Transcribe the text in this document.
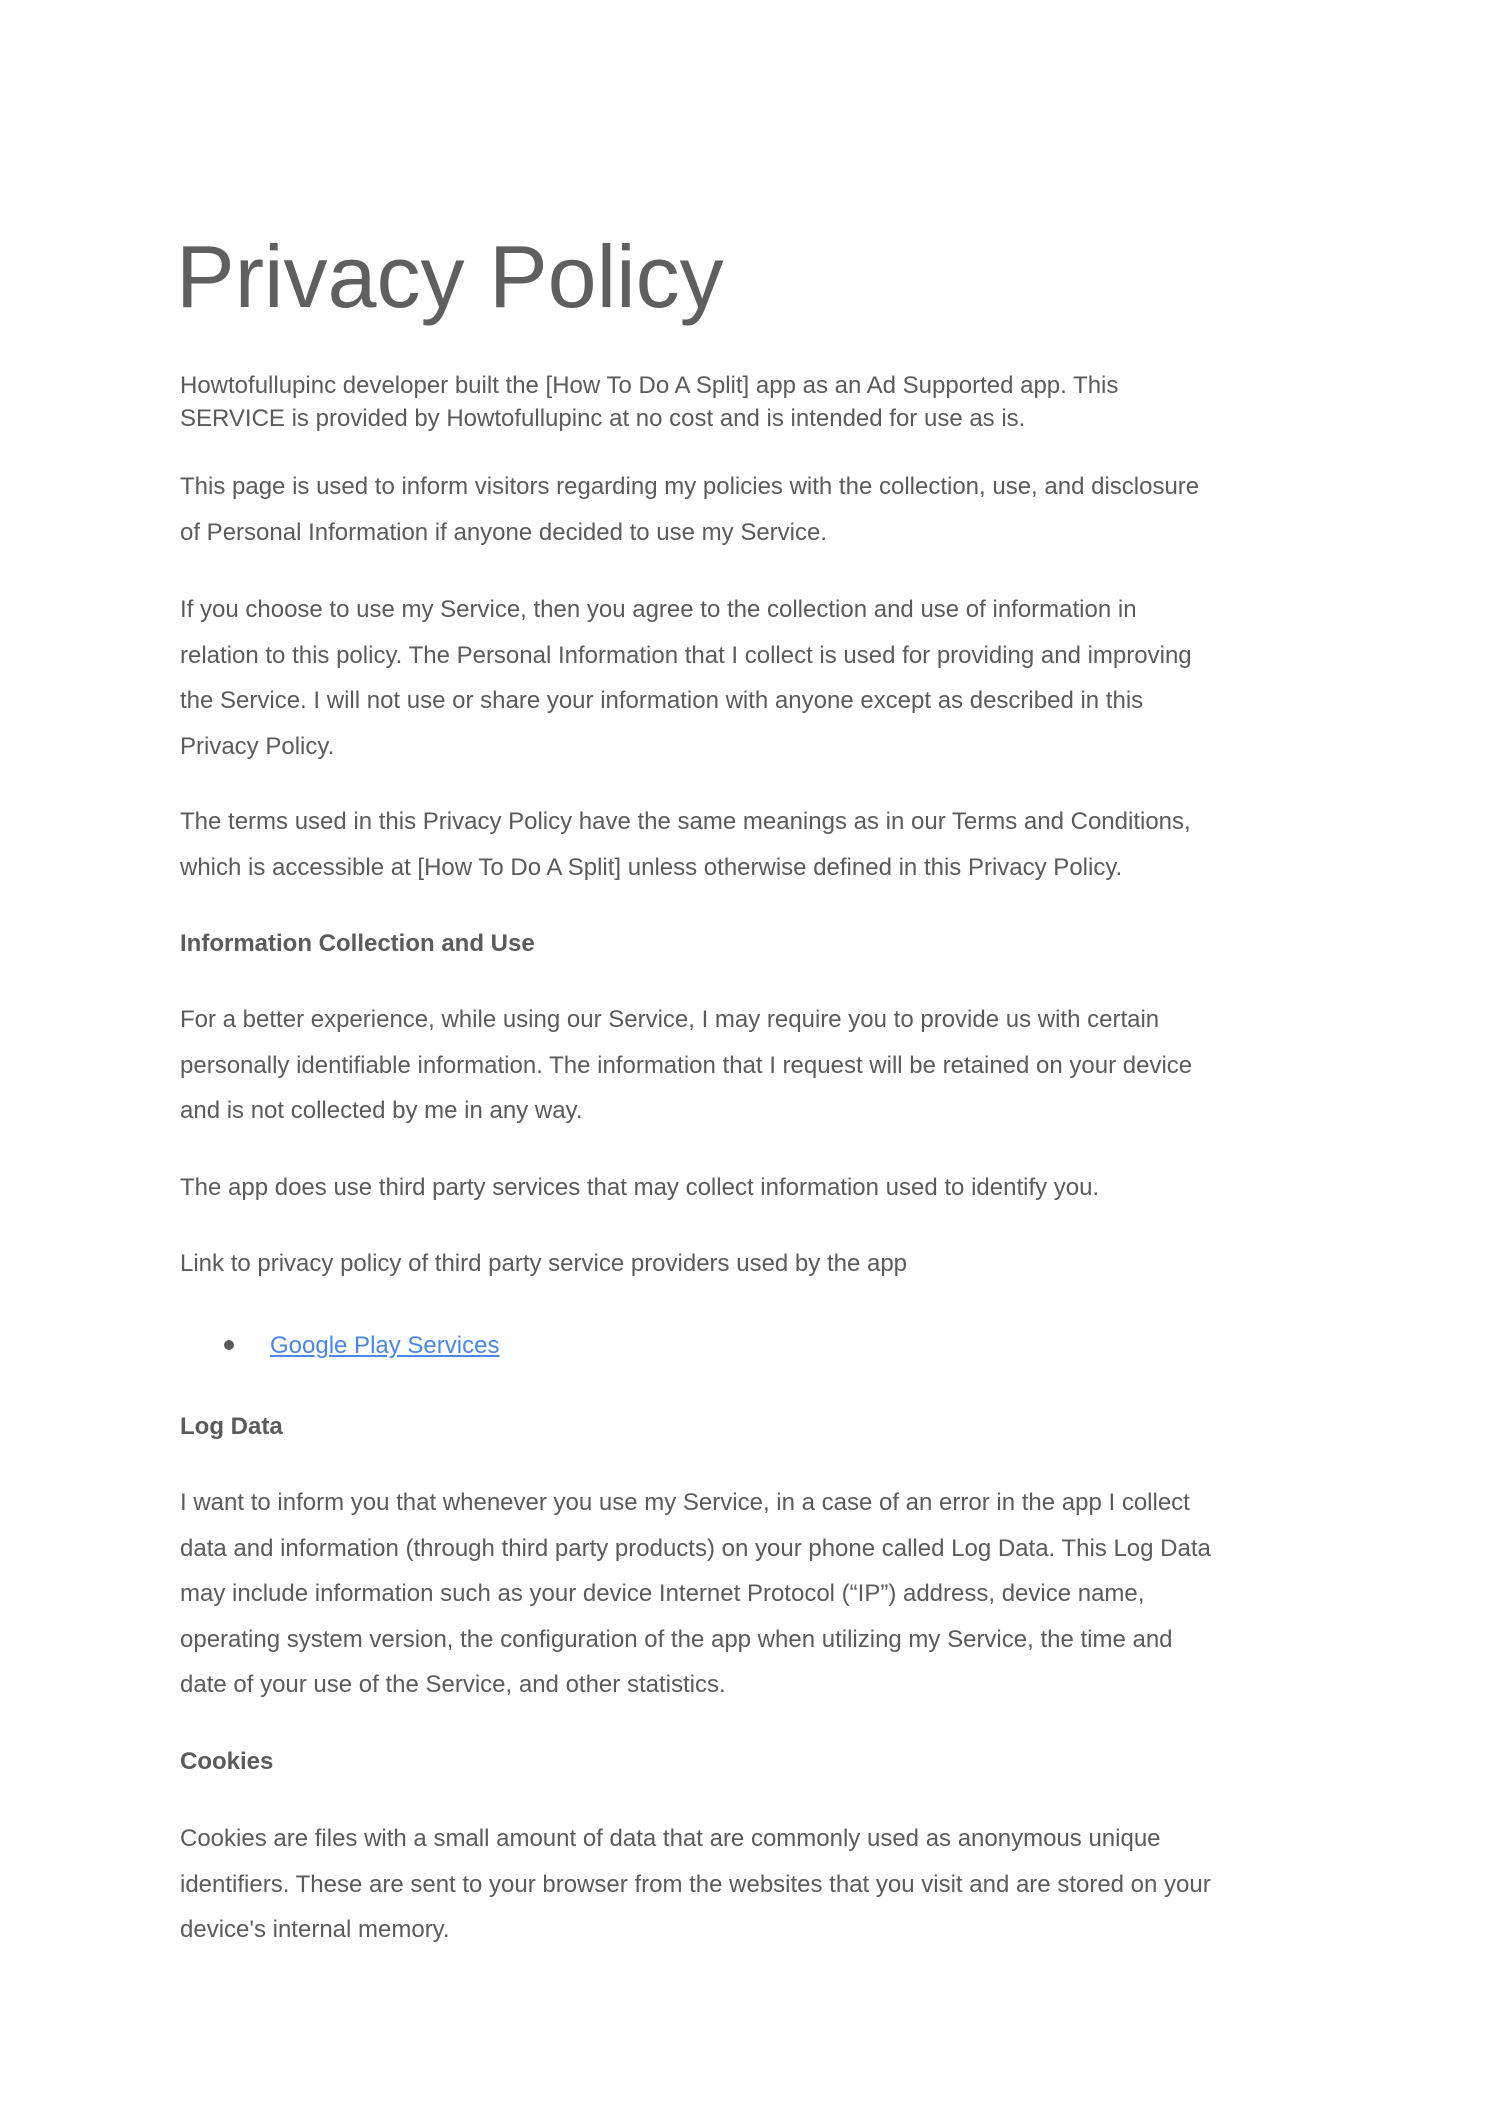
Privacy Policy
Howtofullupinc developer built the [How To Do A Split] app as an Ad Supported app. This
SERVICE is provided by Howtofullupinc at no cost and is intended for use as is.
This page is used to inform visitors regarding my policies with the collection, use, and disclosure
of Personal Information if anyone decided to use my Service.
If you choose to use my Service, then you agree to the collection and use of information in
relation to this policy. The Personal Information that I collect is used for providing and improving
the Service. I will not use or share your information with anyone except as described in this
Privacy Policy.
The terms used in this Privacy Policy have the same meanings as in our Terms and Conditions,
which is accessible at [How To Do A Split] unless otherwise defined in this Privacy Policy.
Information Collection and Use
For a better experience, while using our Service, I may require you to provide us with certain
personally identifiable information. The information that I request will be retained on your device
and is not collected by me in any way.
The app does use third party services that may collect information used to identify you.
Link to privacy policy of third party service providers used by the app
Google Play Services
Log Data
I want to inform you that whenever you use my Service, in a case of an error in the app I collect
data and information (through third party products) on your phone called Log Data. This Log Data
may include information such as your device Internet Protocol (“IP”) address, device name,
operating system version, the configuration of the app when utilizing my Service, the time and
date of your use of the Service, and other statistics.
Cookies
Cookies are files with a small amount of data that are commonly used as anonymous unique
identifiers. These are sent to your browser from the websites that you visit and are stored on your
device's internal memory.
